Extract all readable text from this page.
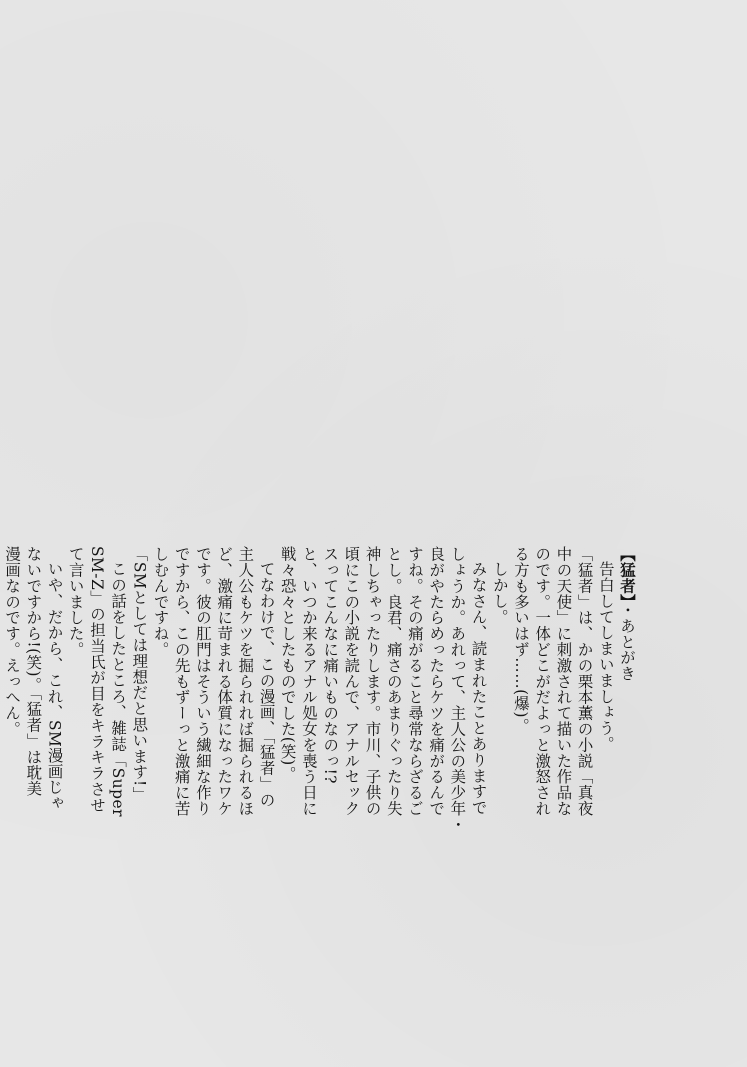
【猛者】・あとがき
告白してしまいましょう。
「猛者」は、かの栗本薫の小説「真夜
中の天使」に刺激されて描いた作品な
のです。一体どこがだよっと激怒され
る方も多いはず……(爆)。
しかし。
みなさん、読まれたことありますで
しょうか。あれって、主人公の美少年・
良がやたらめったらケツを痛がるんで
すね。その痛がること尋常ならざるご
とし。良君、痛さのあまりぐったり失
神しちゃったりします。市川、子供の
頃にこの小説を読んで、アナルセック
スってこんなに痛いものなのっ!?
と、いつか来るアナル処女を喪う日に
戦々恐々としたものでした(笑)。
てなわけで、この漫画、「猛者」の
主人公もケツを掘られれば掘られるほ
ど、激痛に苛まれる体質になったワケ
です。彼の肛門はそういう繊細な作り
ですから、この先もずーっと激痛に苦
しむんですね。
「SMとしては理想だと思います!」
この話をしたところ、雑誌「Super
SM-Z」の担当氏が目をキラキラさせ
て言いました。
いや、だから、これ、SM漫画じゃ
ないですから!(笑)。「猛者」は耽美
漫画なのです。えっへん。
